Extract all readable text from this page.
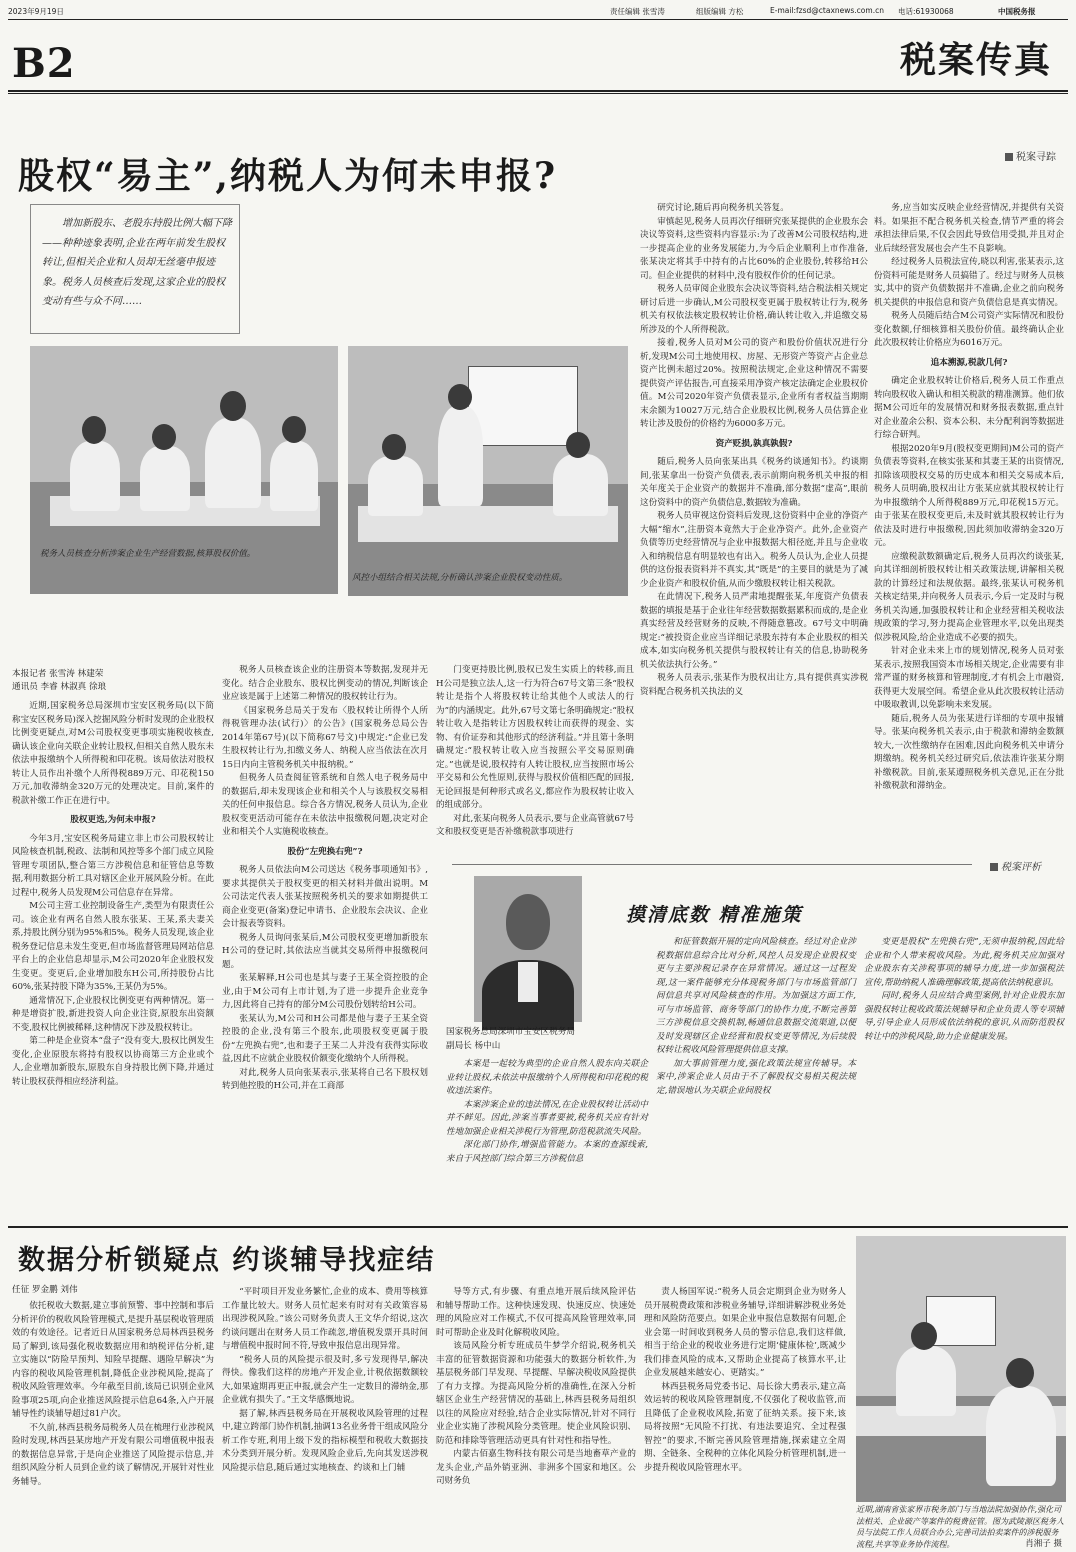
2023年9月19日	责任编辑 张雪涛	组版编辑 方松	E-mail:fzsd@ctaxnews.com.cn 电话:61930068	中国税务报
B2	税案传真
税案寻踪
股权“易主”,纳税人为何未申报?
增加新股东、老股东持股比例大幅下降——种种迹象表明,企业在两年前发生股权转让,但相关企业和人员却无丝毫申报迹象。税务人员核查后发现,这家企业的股权变动有些与众不同……
税务人员核查分析涉案企业生产经营数据,核算股权价值。
风控小组结合相关法规,分析确认涉案企业股权变动性质。

研究讨论,随后再向税务机关答复。

审慎起见,税务人员再次仔细研究张某提供的企业股东会决议等资料,这些资料内容显示:为了改善M公司股权结构,进一步提高企业的业务发展能力,为今后企业顺利上市作准备,张某决定将其手中持有的占比60%的企业股份,转移给H公司。但企业提供的材料中,没有股权作价的任何记录。

税务人员审阅企业股东会决议等资料,结合税法相关规定研讨后进一步确认,M公司股权变更属于股权转让行为,税务机关有权依法核定股权转让价格,确认转让收入,并追缴交易所涉及的个人所得税款。

接着,税务人员对M公司的资产和股份价值状况进行分析,发现M公司土地使用权、房屋、无形资产等资产占企业总资产比例未超过20%。按照税法规定,企业这种情况不需要提供资产评估报告,可直接采用净资产核定法确定企业股权价值。M公司2020年资产负债表显示,企业所有者权益当期期末余额为10027万元,结合企业股权比例,税务人员估算企业转让涉及股份的价格约为6000多万元。

资产贬损,孰真孰假?

随后,税务人员向张某出具《税务约谈通知书》。约谈期间,张某拿出一份资产负债表,表示前期向税务机关申报的相关年度关于企业资产的数据并不准确,部分数据“虚高”,眼前这份资料中的资产负债信息,数据较为准确。

税务人员审视这份资料后发现,这份资料中企业的净资产大幅“缩水”,注册资本竟然大于企业净资产。此外,企业资产负债等历史经营情况与企业申报数据大相径庭,并且与企业收入和纳税信息有明显较也有出入。税务人员认为,企业人员提供的这份报表资料并不真实,其“既是”的主要目的就是为了减少企业资产和股权价值,从而少缴股权转让相关税款。

在此情况下,税务人员严肃地提醒张某,年度资产负债表数据的填报是基于企业往年经营数据数据累积而成的,是企业真实经营及经营财务的反映,不得随意篡改。67号文中明确规定:“被投资企业应当详细记录股东持有本企业股权的相关成本,如实向税务机关提供与股权转让有关的信息,协助税务机关依法执行公务。”

税务人员表示,张某作为股权出让方,具有提供真实涉税资料配合税务机关执法的义

务,应当如实反映企业经营情况,并提供有关资料。如果拒不配合税务机关检查,情节严重的将会承担法律后果,不仅会因此导致信用受损,并且对企业后续经营发展也会产生不良影响。

经过税务人员税法宣传,晓以利害,张某表示,这份资料可能是财务人员搞错了。经过与财务人员核实,其中的资产负债数据并不准确,企业之前向税务机关提供的申报信息和资产负债信息是真实情况。

税务人员随后结合M公司资产实际情况和股份变化数额,仔细核算相关股份价值。最终确认企业此次股权转让价格应为6016万元。

追本溯源,税款几何?

确定企业股权转让价格后,税务人员工作重点转向股权收入确认和相关税款的精准测算。他们依据M公司近年的发展情况和财务报表数据,重点针对企业盈余公积、资本公积、未分配利润等数据进行综合研判。

根据2020年9月(股权变更期间)M公司的资产负债表等资料,在核实张某和其妻王某的出资情况,扣除该项股权交易的历史成本和相关交易成本后,税务人员明确,股权出让方张某应就其股权转让行为申报缴纳个人所得税889万元,印花税15万元。由于张某在股权变更后,未及时就其股权转让行为依法及时进行申报缴税,因此须加收滞纳金320万元。

应缴税款数额确定后,税务人员再次约谈张某,向其详细剖析股权转让相关政策法规,讲解相关税款的计算经过和法规依据。最终,张某认可税务机关核定结果,并向税务人员表示,今后一定及时与税务机关沟通,加强股权转让和企业经营相关税收法规政策的学习,努力提高企业管理水平,以免出现类似涉税风险,给企业造成不必要的损失。

针对企业未来上市的规划情况,税务人员对张某表示,按照我国资本市场相关规定,企业需要有非常严谨的财务核算和管理制度,才有机会上市融资,获得更大发展空间。希望企业从此次股权转让活动中吸取教训,以免影响未来发展。

随后,税务人员为张某进行详细的专项申报辅导。张某向税务机关表示,由于税款和滞纳金数额较大,一次性缴纳存在困难,因此向税务机关申请分期缴纳。税务机关经过研究后,依法准许张某分期补缴税款。目前,张某遵照税务机关意见,正在分批补缴税款和滞纳金。

本报记者 张雪涛 林建荣
通讯员 李睿 林淑真 徐琅

近期,国家税务总局深圳市宝安区税务局(以下简称宝安区税务局)深入挖掘风险分析时发现的企业股权比例变更疑点,对M公司股权变更事项实施税收核查,确认该企业向关联企业转让股权,但相关自然人股东未依法申报缴纳个人所得税和印花税。该局依法对股权转让人员作出补缴个人所得税889万元、印花税150万元,加收滞纳金320万元的处理决定。目前,案件的税款补缴工作正在进行中。

股权更迭,为何未申报?

今年3月,宝安区税务局建立非上市公司股权转让风险核查机制,税政、法制和风控等多个部门成立风险管理专项团队,整合第三方涉税信息和征管信息等数据,利用数据分析工具对辖区企业开展风险分析。在此过程中,税务人员发现M公司信息存在异常。

M公司主营工业控制设备生产,类型为有限责任公司。该企业有两名自然人股东张某、王某,系夫妻关系,持股比例分别为95%和5%。税务人员发现,该企业税务登记信息未发生变更,但市场监督管理局网站信息平台上的企业信息却显示,M公司2020年企业股权发生变更。变更后,企业增加股东H公司,所持股份占比60%,张某持股下降为35%,王某仍为5%。

通常情况下,企业股权比例变更有两种情况。第一种是增资扩股,新进投资人向企业注资,原股东出资额不变,股权比例被稀释,这种情况下涉及股权转让。

第二种是企业资本“盘子”没有变大,股权比例发生变化,企业原股东将持有股权以协商第三方企业或个人,企业增加新股东,原股东自身持股比例下降,并通过转让股权获得相应经济利益。

税务人员核查该企业的注册资本等数据,发现并无变化。结合企业股东、股权比例变动的情况,判断该企业应该是属于上述第二种情况的股权转让行为。

《国家税务总局关于发布〈股权转让所得个人所得税管理办法(试行)〉的公告》(国家税务总局公告2014年第67号)(以下简称67号文)中规定:“企业已发生股权转让行为,扣缴义务人、纳税人应当依法在次月15日内向主管税务机关申报纳税。”

但税务人员查阅征管系统和自然人电子税务局中的数据后,却未发现该企业和相关个人与该股权交易相关的任何申报信息。综合各方情况,税务人员认为,企业股权变更活动可能存在未依法申报缴税问题,决定对企业和相关个人实施税收核查。

股份“左兜换右兜”?

税务人员依法向M公司送达《税务事项通知书》,要求其提供关于股权变更的相关材料并做出说明。M公司法定代表人张某按照税务机关的要求如期提供工商企业变更(备案)登记申请书、企业股东会决议、企业会计报表等资料。

税务人员询问张某后,M公司股权变更增加新股东H公司的登记时,其依法应当就其交易所得申报缴税问题。

张某解释,H公司也是其与妻子王某全资控股的企业,由于M公司有上市计划,为了进一步提升企业竞争力,因此将自己持有的部分M公司股份划转给H公司。

张某认为,M公司和H公司都是他与妻子王某全资控股的企业,没有第三个股东,此项股权变更属于股份“左兜换右兜”,也和妻子王某二人并没有获得实际收益,因此不应就企业股权价额变化缴纳个人所得税。

对此,税务人员向张某表示,张某将自己名下股权划转到他控股的H公司,并在工商部

门变更持股比例,股权已发生实质上的转移,而且H公司是独立法人,这一行为符合67号文第三条“股权转让是指个人将股权转让给其他个人或法人的行为”的内涵规定。此外,67号文第七条明确规定:“股权转让收入是指转让方因股权转让而获得的现金、实物、有价证券和其他形式的经济利益。”并且第十条明确规定:“股权转让收入应当按照公平交易原则确定。”也就是说,股权持有人转让股权,应当按照市场公平交易和公允性原则,获得与股权价值相匹配的回报,无论回报是何种形式或名义,都应作为股权转让收入的组成部分。

对此,张某向税务人员表示,要与企业高管就67号文和股权变更是否补缴税款事项进行

税案评析
国家税务总局深圳市宝安区税务局
副局长 杨中山
摸清底数 精准施策

本案是一起较为典型的企业自然人股东向关联企业转让股权,未依法申报缴纳个人所得税和印花税的税收违法案件。

本案涉案企业的违法情况,在企业股权转让活动中并不鲜见。因此,涉案当事者要被,税务机关应有针对性地加强企业相关涉税行为管理,防范税款流失风险。

深化部门协作,增强监管能力。本案的查源线索,来自于风控部门综合第三方涉税信息

和征管数据开展的定向风险核查。经过对企业涉税数据信息综合比对分析,风控人员发现企业股权变更与主要涉税记录存在异常情况。通过这一过程发现,这一案件能够充分体现税务部门与市场监管部门间信息共享对风险核查的作用。为加强这方面工作,可与市场监管、商务等部门的协作力度,不断完善第三方涉税信息交换机制,畅通信息数据交流渠道,以便及时发现辖区企业经营和股权变更等情况,为后续股权转让税收风险管理提供信息支撑。

加大事前管理力度,强化政策法规宣传辅导。本案中,涉案企业人员由于不了解股权交易相关税法规定,错误地认为关联企业间股权

变更是股权“左兜换右兜”,无须申报纳税,因此给企业和个人带来税收风险。为此,税务机关应加强对企业股东有关涉税事项的辅导力度,进一步加强税法宣传,帮助纳税人准确理解政策,提高依法纳税意识。

同时,税务人员应结合典型案例,针对企业股东加强股权转让税收政策法规辅导和企业负责人等专项辅导,引导企业人员形成依法纳税的意识,从而防范股权转让中的涉税风险,助力企业健康发展。

数据分析锁疑点 约谈辅导找症结
任征 罗金鹏 刘伟

依托税收大数据,建立事前预警、事中控制和事后分析评价的税收风险管理模式,是提升基层税收管理质效的有效途径。记者近日从国家税务总局林西县税务局了解到,该局强化税收数据应用和纳税评估分析,建立实施以“防险早预判、知险早提醒、遇险早解决”为内容的税收风险管理机制,降低企业涉税风险,提高了税收风险管理效率。今年截至目前,该局已识别企业风险事项25项,向企业推送风险提示信息64条,入户开展辅导性约谈辅导超过81户次。

不久前,林西县税务局税务人员在梳理行业涉税风险时发现,林西县某房地产开发有限公司增值税申报表的数据信息异常,于是向企业推送了风险提示信息,并组织风险分析人员到企业约谈了解情况,开展针对性业务辅导。

“平时项目开发业务繁忙,企业的成本、费用等核算工作量比较大。财务人员忙起来有时对有关政策容易出现涉税风险。”该公司财务负责人王文华介绍说,这次约谈问题出在财务人员工作疏忽,增值税发票开具时间与增值税申报时间不符,导致申报信息出现异常。

“税务人员的风险提示很及时,多亏发现得早,解决得快。像我们这样的房地产开发企业,计税依据数额较大,如果逾期再更正申报,就会产生一定数目的滞纳金,那企业就有损失了。”王文华感慨地说。

据了解,林西县税务局在开展税收风险管理的过程中,建立跨部门协作机制,抽调13名业务骨干组成风险分析工作专班,利用上级下发的指标模型和税收大数据技术分类到开展分析。发现风险企业后,先向其发送涉税风险提示信息,随后通过实地核查、约谈和上门辅

导等方式,有步骤、有重点地开展后续风险评估和辅导帮助工作。这种快速发现、快速反应、快速处理的风险应对工作模式,不仅可提高风险管理效率,同时可帮助企业及时化解税收风险。

该局风险分析专班成员牛梦学介绍说,税务机关丰富的征管数据资源和功能强大的数据分析软件,为基层税务部门早发现、早提醒、早解决税收风险提供了有力支撑。为提高风险分析的准确性,在深入分析辖区企业生产经营情况的基础上,林西县税务局组织以往的风险应对经验,结合企业实际情况,针对不同行业企业实施了涉税风险分类管理。使企业风险识别、防范和排除等管理活动更具有针对性和指导性。

内蒙古佰嘉生物科技有限公司是当地畜草产业的龙头企业,产品外销亚洲、非洲多个国家和地区。公司财务负

责人杨国军说:“税务人员会定期到企业为财务人员开展税费政策和涉税业务辅导,详细讲解涉税业务处理和风险防范要点。如果企业申报信息数据有问题,企业会第一时间收到税务人员的警示信息,我们这样做,相当于给企业的税收业务进行定期‘健康体检’,既减少我们排查风险的成本,又帮助企业提高了核算水平,让企业发展越来越安心、更踏实。”

林西县税务局党委书记、局长徐大勇表示,建立高效运转的税收风险管理制度,不仅强化了税收监管,而且降低了企业税收风险,拓宽了征纳关系。接下来,该局将按照“无风险不打扰、有违法要追究、全过程强智控”的要求,不断完善风险管理措施,探索建立全周期、全链条、全税种的立体化风险分析管理机制,进一步提升税收风险管理水平。

近期,湖南省张家界市税务部门与当地法院加强协作,强化司法相关、企业破产等案件的税费征管。图为武陵源区税务人员与法院工作人员联合办公,完善司法拍卖案件的涉税服务流程,共享等业务协作流程。	肖湘子 摄
